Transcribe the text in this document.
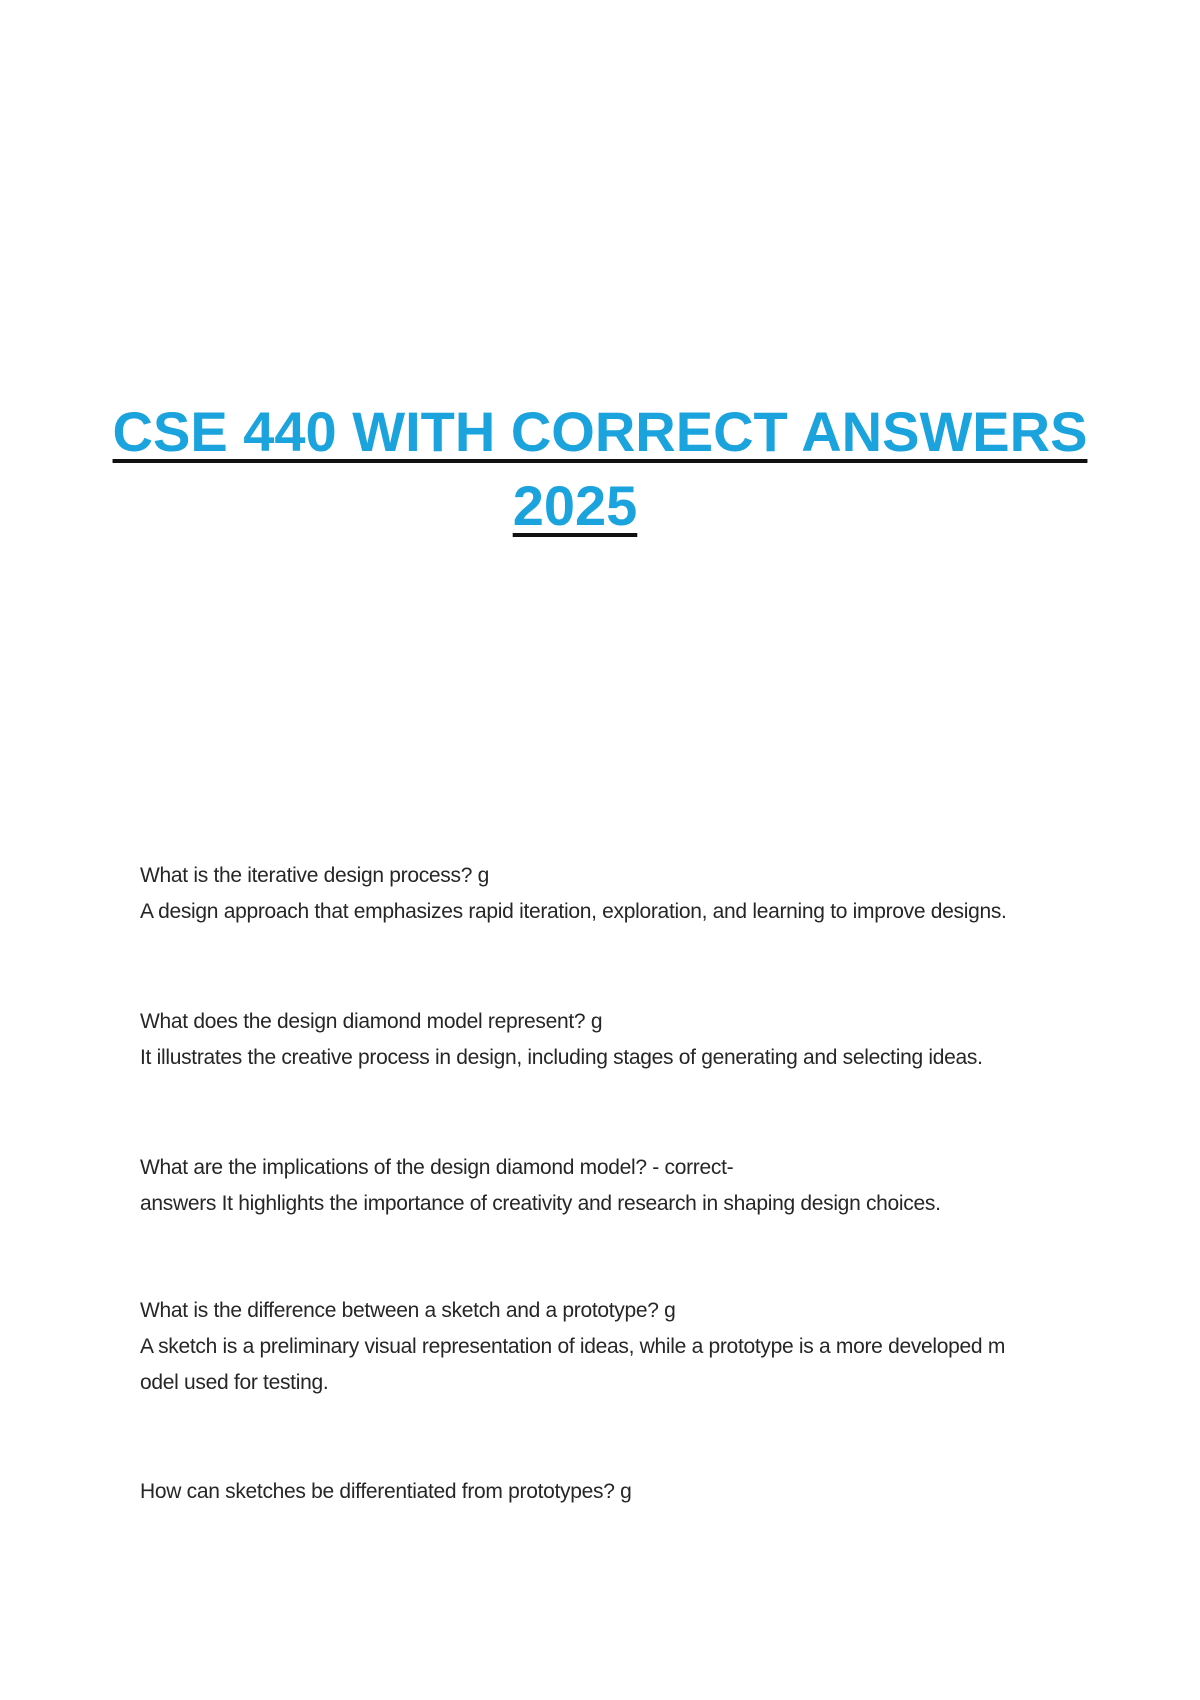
CSE 440 WITH CORRECT ANSWERS
2025
What is the iterative design process? g
A design approach that emphasizes rapid iteration, exploration, and learning to improve designs.
What does the design diamond model represent? g
It illustrates the creative process in design, including stages of generating and selecting ideas.
What are the implications of the design diamond model? - correct-
answers It highlights the importance of creativity and research in shaping design choices.
What is the difference between a sketch and a prototype? g
A sketch is a preliminary visual representation of ideas, while a prototype is a more developed m
odel used for testing.
How can sketches be differentiated from prototypes? g
